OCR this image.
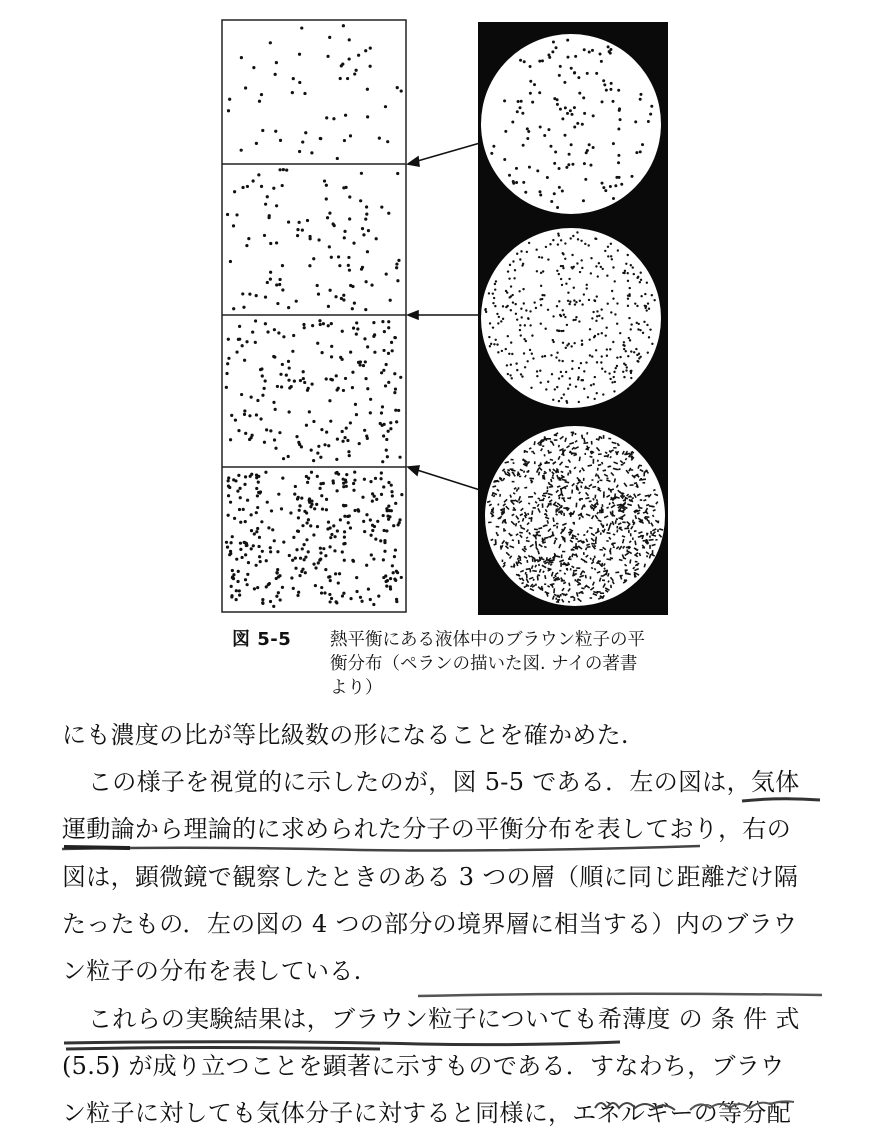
図 5-5 熱平衡にある液体中のブラウン粒子の平
衡分布（ペランの描いた図. ナイの著書
より）
にも濃度の比が等比級数の形になることを確かめた.
この様子を視覚的に示したのが，図 5-5 である．左の図は，気体
運動論から理論的に求められた分子の平衡分布を表しており，右の
図は，顕微鏡で観察したときのある 3 つの層（順に同じ距離だけ隔
たったもの．左の図の 4 つの部分の境界層に相当する）内のブラウ
ン粒子の分布を表している.
これらの実験結果は，ブラウン粒子についても希薄度 の 条 件 式
(5.5) が成り立つことを顕著に示すものである．すなわち，ブラウ
ン粒子に対しても気体分子に対すると同様に，エネルギーの等分配
